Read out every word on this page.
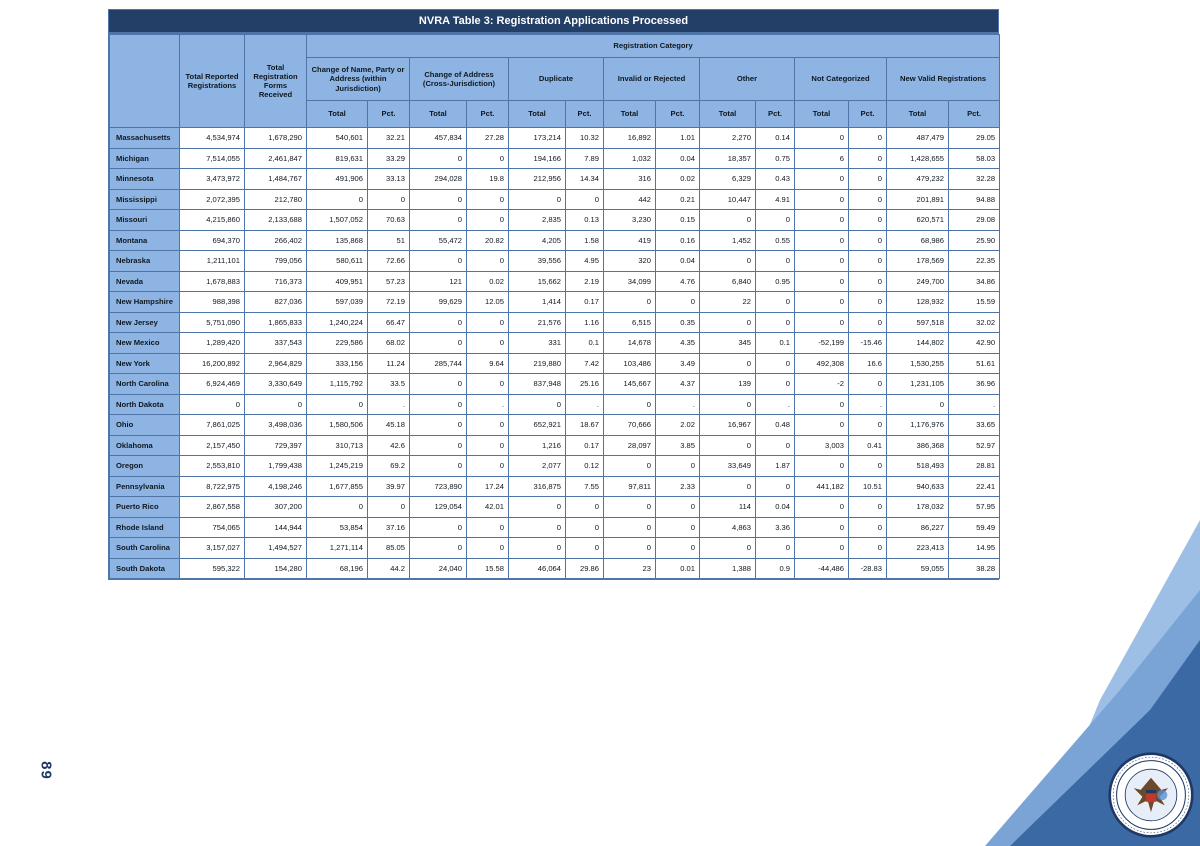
89
NVRA Table 3: Registration Applications Processed
	Total Reported Registrations	Total Registration Forms Received	Registration Category													
			Change of Name, Party or Address (within Jurisdiction)		Change of Address (Cross-Jurisdiction)		Duplicate		Invalid or Rejected		Other		Not Categorized		New Valid Registrations	
			Total	Pct.	Total	Pct.	Total	Pct.	Total	Pct.	Total	Pct.	Total	Pct.	Total	Pct.
Massachusetts	4,534,974	1,678,290	540,601	32.21	457,834	27.28	173,214	10.32	16,892	1.01	2,270	0.14	0	0	487,479	29.05
Michigan	7,514,055	2,461,847	819,631	33.29	0	0	194,166	7.89	1,032	0.04	18,357	0.75	6	0	1,428,655	58.03
Minnesota	3,473,972	1,484,767	491,906	33.13	294,028	19.8	212,956	14.34	316	0.02	6,329	0.43	0	0	479,232	32.28
Mississippi	2,072,395	212,780	0	0	0	0	0	0	442	0.21	10,447	4.91	0	0	201,891	94.88
Missouri	4,215,860	2,133,688	1,507,052	70.63	0	0	2,835	0.13	3,230	0.15	0	0	0	0	620,571	29.08
Montana	694,370	266,402	135,868	51	55,472	20.82	4,205	1.58	419	0.16	1,452	0.55	0	0	68,986	25.90
Nebraska	1,211,101	799,056	580,611	72.66	0	0	39,556	4.95	320	0.04	0	0	0	0	178,569	22.35
Nevada	1,678,883	716,373	409,951	57.23	121	0.02	15,662	2.19	34,099	4.76	6,840	0.95	0	0	249,700	34.86
New Hampshire	988,398	827,036	597,039	72.19	99,629	12.05	1,414	0.17	0	0	22	0	0	0	128,932	15.59
New Jersey	5,751,090	1,865,833	1,240,224	66.47	0	0	21,576	1.16	6,515	0.35	0	0	0	0	597,518	32.02
New Mexico	1,289,420	337,543	229,586	68.02	0	0	331	0.1	14,678	4.35	345	0.1	-52,199	-15.46	144,802	42.90
New York	16,200,892	2,964,829	333,156	11.24	285,744	9.64	219,880	7.42	103,486	3.49	0	0	492,308	16.6	1,530,255	51.61
North Carolina	6,924,469	3,330,649	1,115,792	33.5	0	0	837,948	25.16	145,667	4.37	139	0	-2	0	1,231,105	36.96
North Dakota	0	0	0	.	0	.	0	.	0	.	0	.	0	.	0	.
Ohio	7,861,025	3,498,036	1,580,506	45.18	0	0	652,921	18.67	70,666	2.02	16,967	0.48	0	0	1,176,976	33.65
Oklahoma	2,157,450	729,397	310,713	42.6	0	0	1,216	0.17	28,097	3.85	0	0	3,003	0.41	386,368	52.97
Oregon	2,553,810	1,799,438	1,245,219	69.2	0	0	2,077	0.12	0	0	33,649	1.87	0	0	518,493	28.81
Pennsylvania	8,722,975	4,198,246	1,677,855	39.97	723,890	17.24	316,875	7.55	97,811	2.33	0	0	441,182	10.51	940,633	22.41
Puerto Rico	2,867,558	307,200	0	0	129,054	42.01	0	0	0	0	114	0.04	0	0	178,032	57.95
Rhode Island	754,065	144,944	53,854	37.16	0	0	0	0	0	0	4,863	3.36	0	0	86,227	59.49
South Carolina	3,157,027	1,494,527	1,271,114	85.05	0	0	0	0	0	0	0	0	0	0	223,413	14.95
South Dakota	595,322	154,280	68,196	44.2	24,040	15.58	46,064	29.86	23	0.01	1,388	0.9	-44,486	-28.83	59,055	38.28
